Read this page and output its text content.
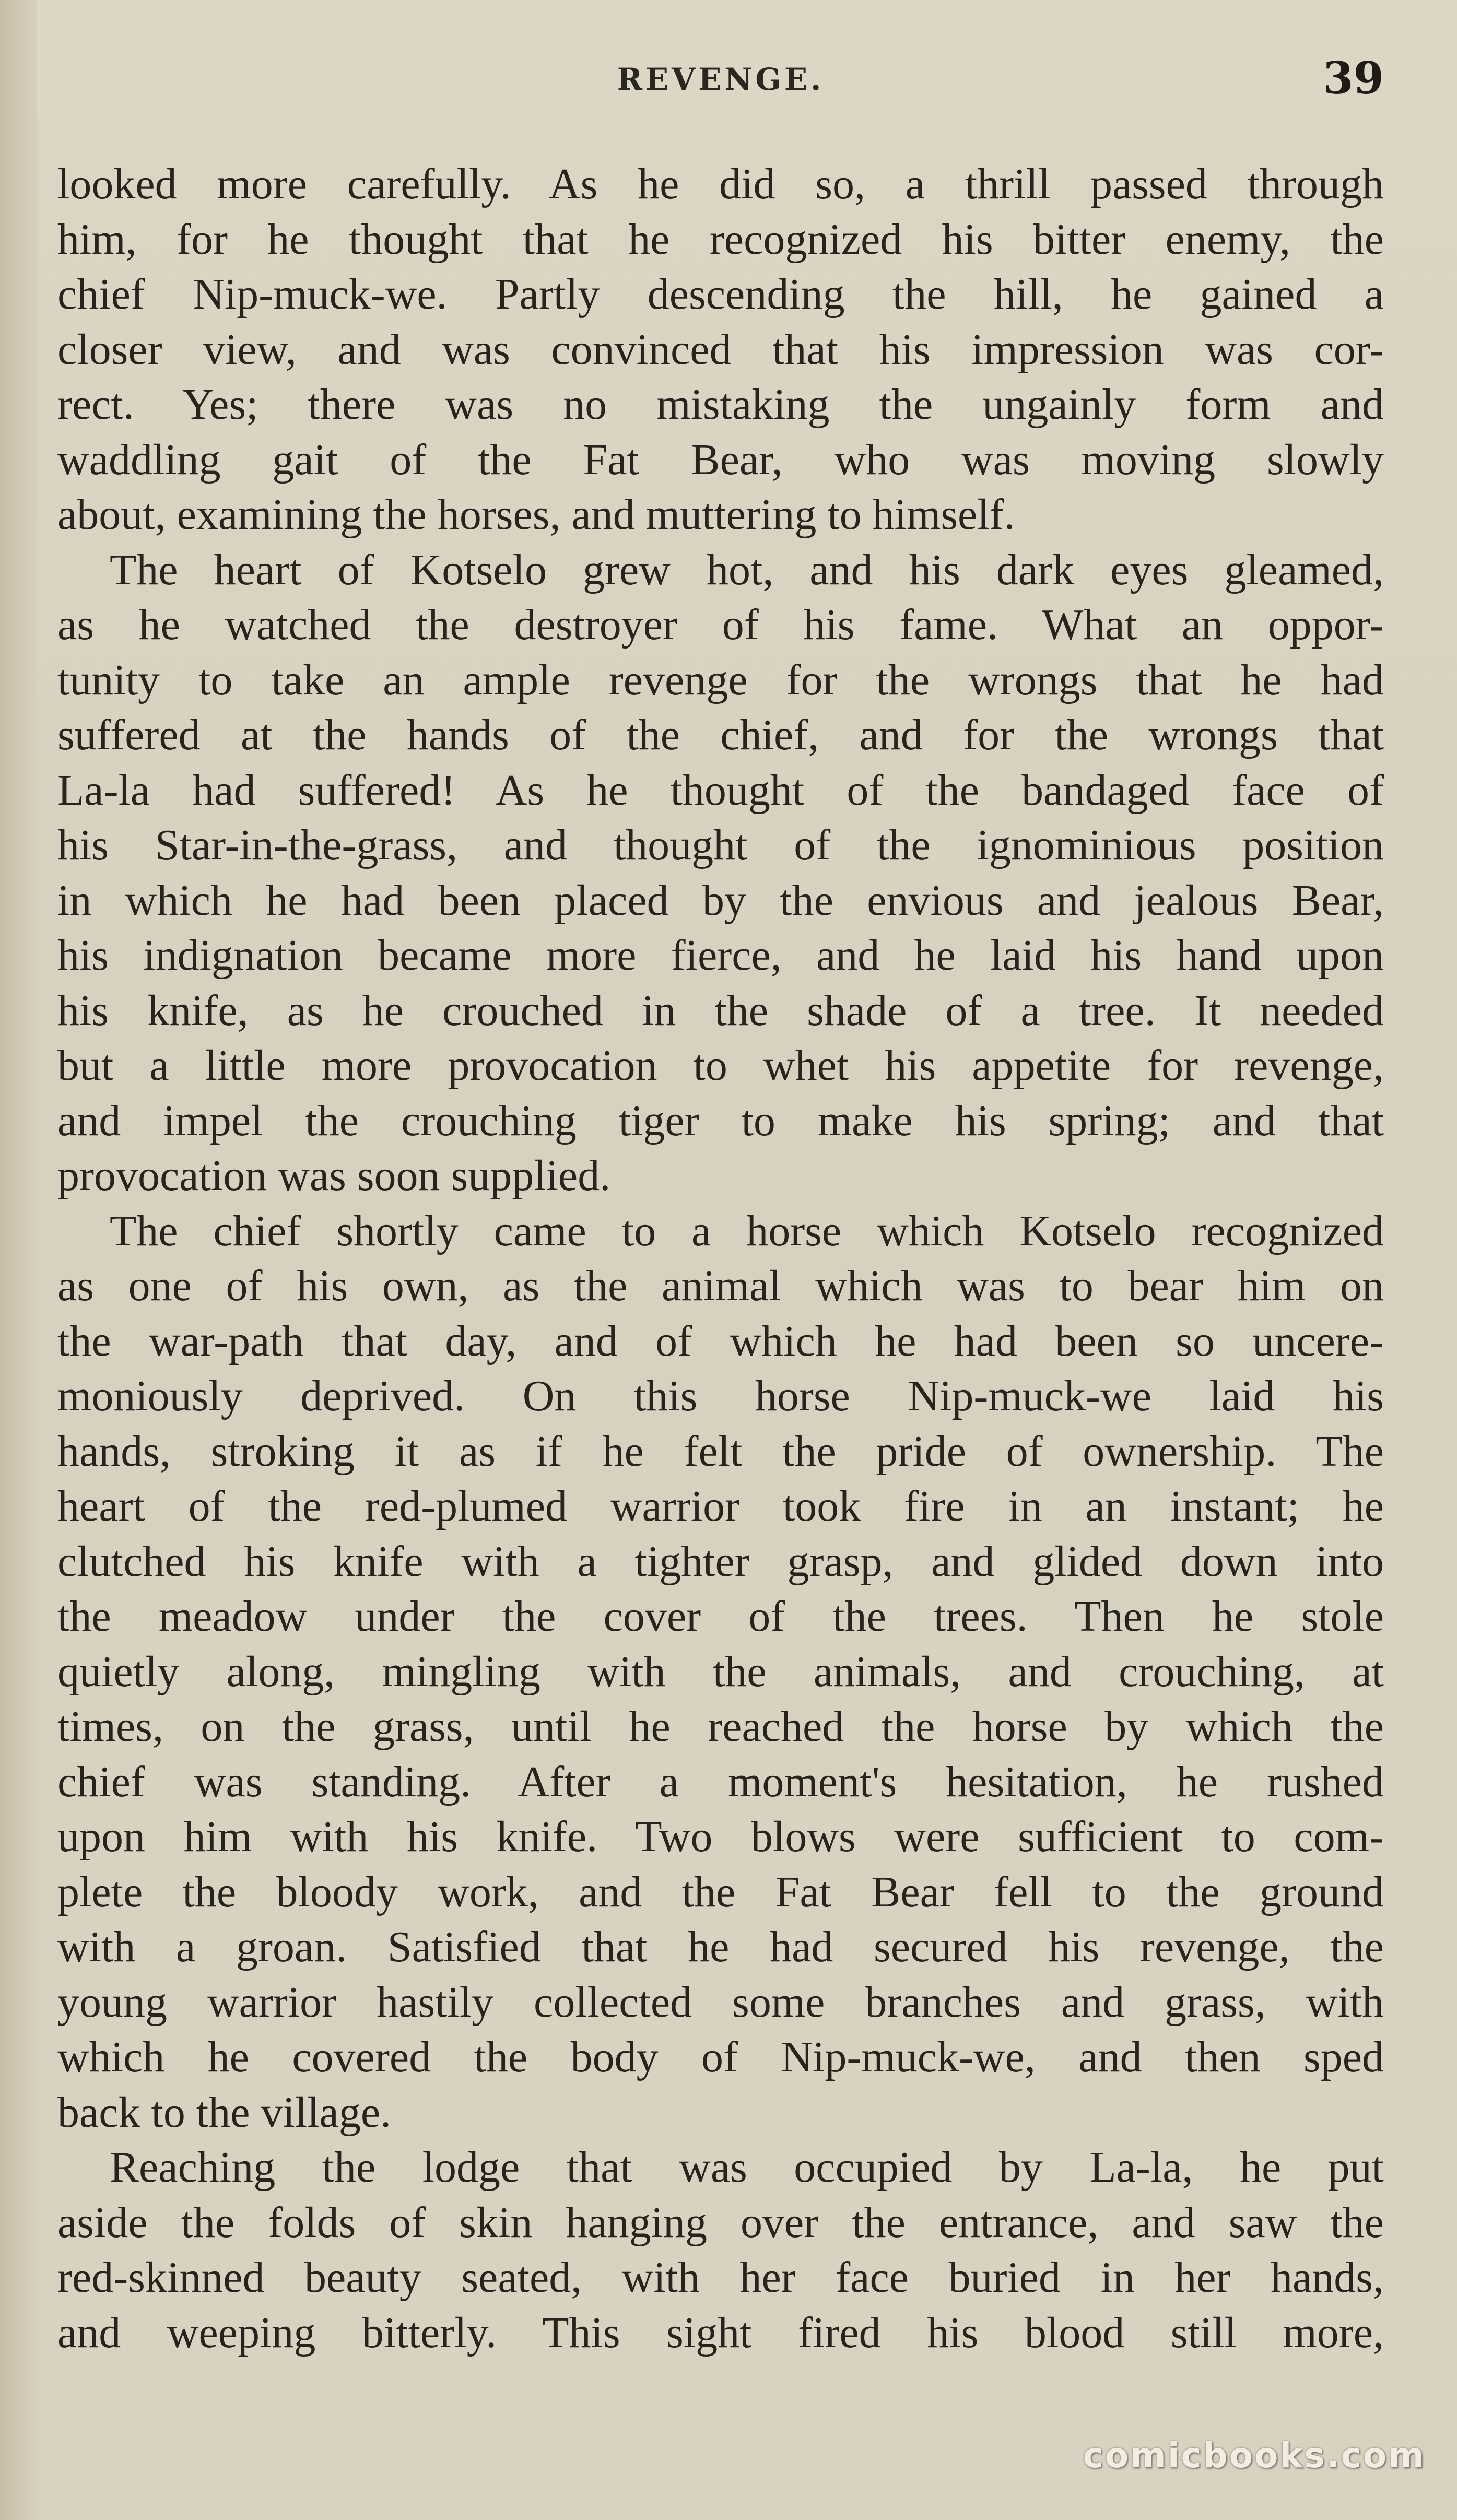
REVENGE.	39
looked more carefully. As he did so, a thrill passed through
him, for he thought that he recognized his bitter enemy, the
chief Nip-muck-we. Partly descending the hill, he gained a
closer view, and was convinced that his impression was cor-
rect. Yes; there was no mistaking the ungainly form and
waddling gait of the Fat Bear, who was moving slowly
about, examining the horses, and muttering to himself.
The heart of Kotselo grew hot, and his dark eyes gleamed,
as he watched the destroyer of his fame. What an oppor-
tunity to take an ample revenge for the wrongs that he had
suffered at the hands of the chief, and for the wrongs that
La-la had suffered! As he thought of the bandaged face of
his Star-in-the-grass, and thought of the ignominious position
in which he had been placed by the envious and jealous Bear,
his indignation became more fierce, and he laid his hand upon
his knife, as he crouched in the shade of a tree. It needed
but a little more provocation to whet his appetite for revenge,
and impel the crouching tiger to make his spring; and that
provocation was soon supplied.
The chief shortly came to a horse which Kotselo recognized
as one of his own, as the animal which was to bear him on
the war-path that day, and of which he had been so uncere-
moniously deprived. On this horse Nip-muck-we laid his
hands, stroking it as if he felt the pride of ownership. The
heart of the red-plumed warrior took fire in an instant; he
clutched his knife with a tighter grasp, and glided down into
the meadow under the cover of the trees. Then he stole
quietly along, mingling with the animals, and crouching, at
times, on the grass, until he reached the horse by which the
chief was standing. After a moment's hesitation, he rushed
upon him with his knife. Two blows were sufficient to com-
plete the bloody work, and the Fat Bear fell to the ground
with a groan. Satisfied that he had secured his revenge, the
young warrior hastily collected some branches and grass, with
which he covered the body of Nip-muck-we, and then sped
back to the village.
Reaching the lodge that was occupied by La-la, he put
aside the folds of skin hanging over the entrance, and saw the
red-skinned beauty seated, with her face buried in her hands,
and weeping bitterly. This sight fired his blood still more,
comicbooks.com
